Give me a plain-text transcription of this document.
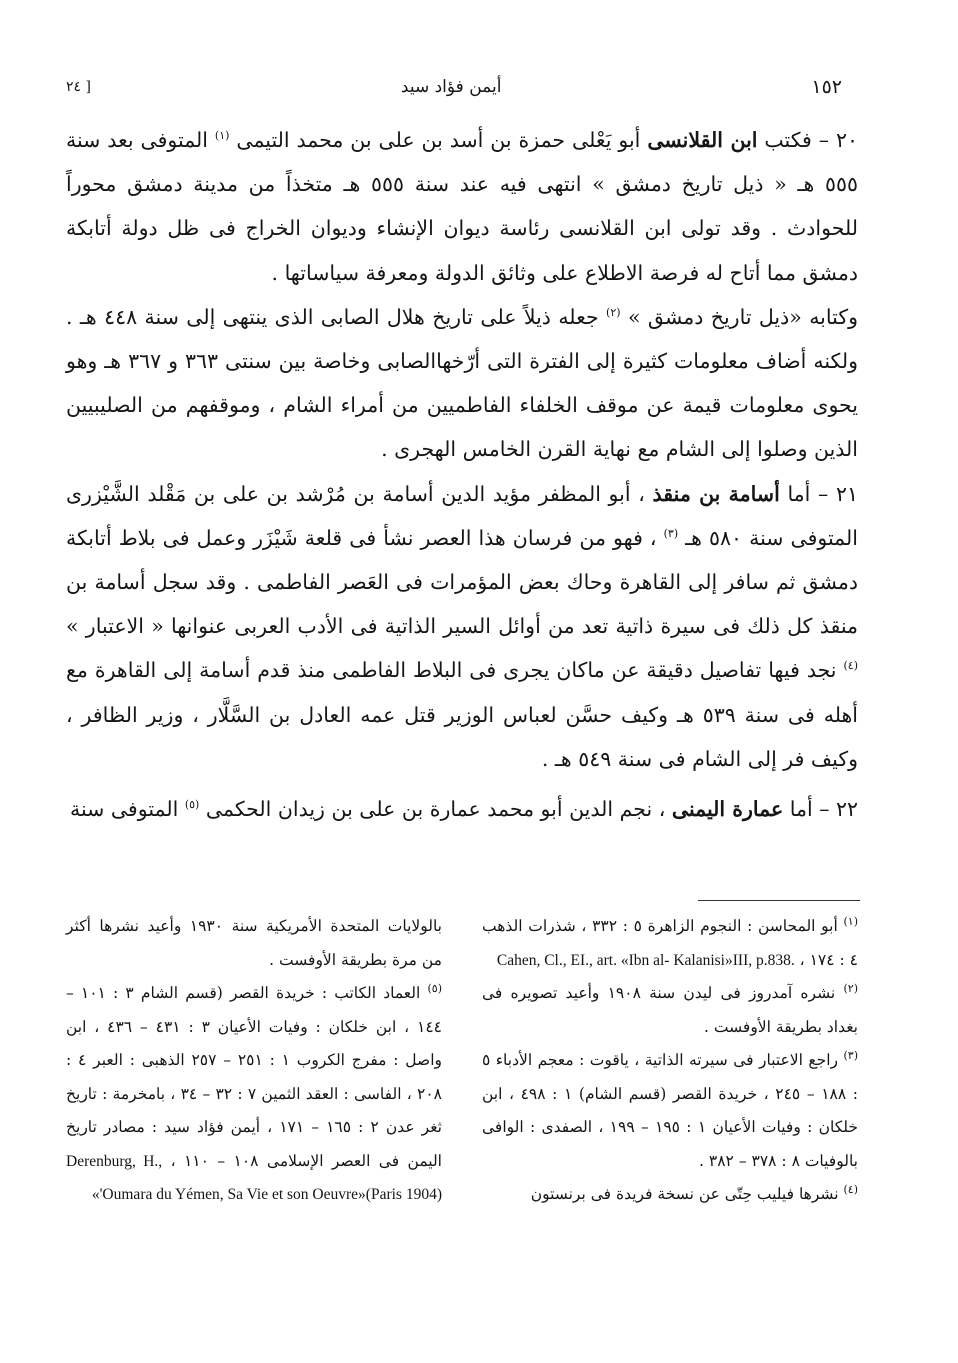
١٥٢
أيمن فؤاد سيد
[ ٢٤

٢٠ – فكتب ابن القلانسى أبو يَعْلى حمزة بن أسد بن على بن محمد التيمى $^{(١)}$ المتوفى بعد سنة ٥٥٥ هـ « ذيل تاريخ دمشق » انتهى فيه عند سنة ٥٥٥ هـ متخذاً من مدينة دمشق محوراً للحوادث . وقد تولى ابن القلانسى رئاسة ديوان الإنشاء وديوان الخراج فى ظل دولة أتابكة دمشق مما أتاح له فرصة الاطلاع على وثائق الدولة ومعرفة سياساتها .

وكتابه «ذيل تاريخ دمشق » $^{(٢)}$ جعله ذيلاً على تاريخ هلال الصابى الذى ينتهى إلى سنة ٤٤٨ هـ . ولكنه أضاف معلومات كثيرة إلى الفترة التى أرّخهاالصابى وخاصة بين سنتى ٣٦٣ و ٣٦٧ هـ وهو يحوى معلومات قيمة عن موقف الخلفاء الفاطميين من أمراء الشام ، وموقفهم من الصليبيين الذين وصلوا إلى الشام مع نهاية القرن الخامس الهجرى .

٢١ – أما أسامة بن منقذ ، أبو المظفر مؤيد الدين أسامة بن مُرْشد بن على بن مَقْلد الشَّيْزرى المتوفى سنة ٥٨٠ هـ $^{(٣)}$ ، فهو من فرسان هذا العصر نشأ فى قلعة شَيْزَر وعمل فى بلاط أتابكة دمشق ثم سافر إلى القاهرة وحاك بعض المؤمرات فى العَصر الفاطمى . وقد سجل أسامة بن منقذ كل ذلك فى سيرة ذاتية تعد من أوائل السير الذاتية فى الأدب العربى عنوانها « الاعتبار » $^{(٤)}$ نجد فيها تفاصيل دقيقة عن ماكان يجرى فى البلاط الفاطمى منذ قدم أسامة إلى القاهرة مع أهله فى سنة ٥٣٩ هـ وكيف حسَّن لعباس الوزير قتل عمه العادل بن السَّلَّار ، وزير الظافر ، وكيف فر إلى الشام فى سنة ٥٤٩ هـ .

٢٢ – أما عمارة اليمنى ، نجم الدين أبو محمد عمارة بن على بن زيدان الحكمى $^{(٥)}$ المتوفى سنة

$^{(١)}$ أبو المحاسن : النجوم الزاهرة ٥ : ٣٣٢ ، شذرات الذهب ٤ : ١٧٤ ، Cahen, Cl., EI., art. «Ibn al- Kalanisi»III, p.838.

$^{(٢)}$ نشره آمدروز فى ليدن سنة ١٩٠٨ وأعيد تصويره فى بغداد بطريقة الأوفست .

$^{(٣)}$ راجع الاعتبار فى سيرته الذاتية ، ياقوت : معجم الأدباء ٥ : ١٨٨ – ٢٤٥ ، خريدة القصر (قسم الشام) ١ : ٤٩٨ ، ابن خلكان : وفيات الأعيان ١ : ١٩٥ – ١٩٩ ، الصفدى : الوافى بالوفيات ٨ : ٣٧٨ – ٣٨٢ .

$^{(٤)}$ نشرها فيليب حِتّى عن نسخة فريدة فى برنستون

بالولايات المتحدة الأمريكية سنة ١٩٣٠ وأعيد نشرها أكثر من مرة بطريقة الأوفست .

$^{(٥)}$ العماد الكاتب : خريدة القصر (قسم الشام ٣ : ١٠١ – ١٤٤ ، ابن خلكان : وفيات الأعيان ٣ : ٤٣١ – ٤٣٦ ، ابن واصل : مفرج الكروب ١ : ٢٥١ – ٢٥٧ الذهبى : العبر ٤ : ٢٠٨ ، الفاسى : العقد الثمين ٧ : ٣٢ – ٣٤ ، بامخرمة : تاريخ ثغر عدن ٢ : ١٦٥ – ١٧١ ، أيمن فؤاد سيد : مصادر تاريخ اليمن فى العصر الإسلامى ١٠٨ – ١١٠ ، Derenburg, H., «'Oumara du Yémen, Sa Vie et son Oeuvre»(Paris 1904)
